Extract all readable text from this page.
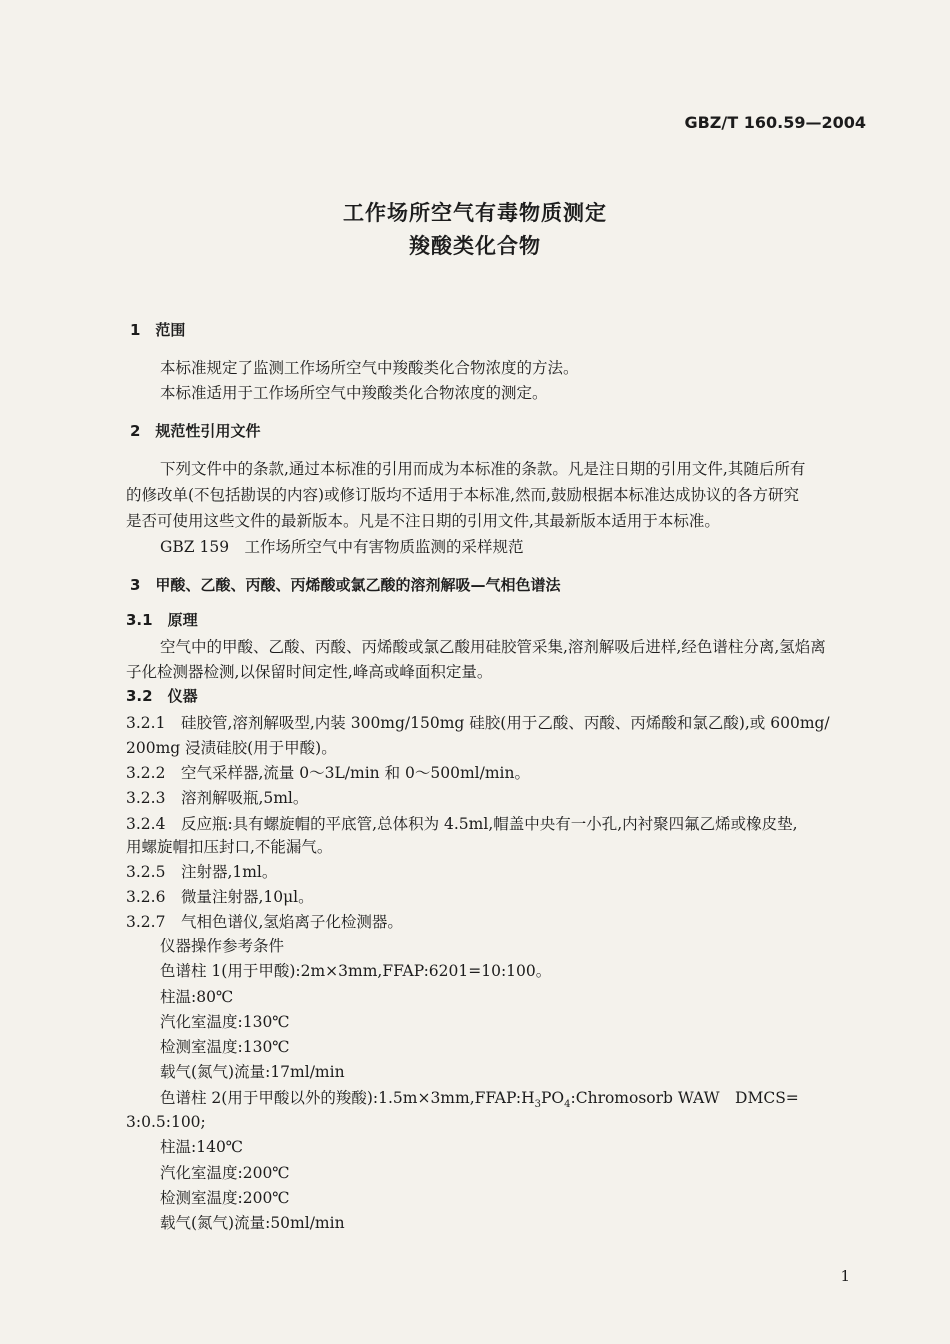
GBZ/T 160.59—2004
工作场所空气有毒物质测定
羧酸类化合物
1　范围
本标准规定了监测工作场所空气中羧酸类化合物浓度的方法。
本标准适用于工作场所空气中羧酸类化合物浓度的测定。
2　规范性引用文件
下列文件中的条款,通过本标准的引用而成为本标准的条款。凡是注日期的引用文件,其随后所有
的修改单(不包括勘误的内容)或修订版均不适用于本标准,然而,鼓励根据本标准达成协议的各方研究
是否可使用这些文件的最新版本。凡是不注日期的引用文件,其最新版本适用于本标准。
GBZ 159　工作场所空气中有害物质监测的采样规范
3　甲酸、乙酸、丙酸、丙烯酸或氯乙酸的溶剂解吸—气相色谱法
3.1　原理
空气中的甲酸、乙酸、丙酸、丙烯酸或氯乙酸用硅胶管采集,溶剂解吸后进样,经色谱柱分离,氢焰离
子化检测器检测,以保留时间定性,峰高或峰面积定量。
3.2　仪器
3.2.1　硅胶管,溶剂解吸型,内装 300mg/150mg 硅胶(用于乙酸、丙酸、丙烯酸和氯乙酸),或 600mg/
200mg 浸渍硅胶(用于甲酸)。
3.2.2　空气采样器,流量 0～3L/min 和 0～500ml/min。
3.2.3　溶剂解吸瓶,5ml。
3.2.4　反应瓶:具有螺旋帽的平底管,总体积为 4.5ml,帽盖中央有一小孔,内衬聚四氟乙烯或橡皮垫,
用螺旋帽扣压封口,不能漏气。
3.2.5　注射器,1ml。
3.2.6　微量注射器,10μl。
3.2.7　气相色谱仪,氢焰离子化检测器。
仪器操作参考条件
色谱柱 1(用于甲酸):2m×3mm,FFAP:6201=10:100。
柱温:80℃
汽化室温度:130℃
检测室温度:130℃
载气(氮气)流量:17ml/min
色谱柱 2(用于甲酸以外的羧酸)$:1.5m\times 3mm,FFAP:H_3PO_4:Chromosorb$ WAW　DMCS=
3:0.5:100;
柱温:140℃
汽化室温度:200℃
检测室温度:200℃
载气(氮气)流量:50ml/min
1
